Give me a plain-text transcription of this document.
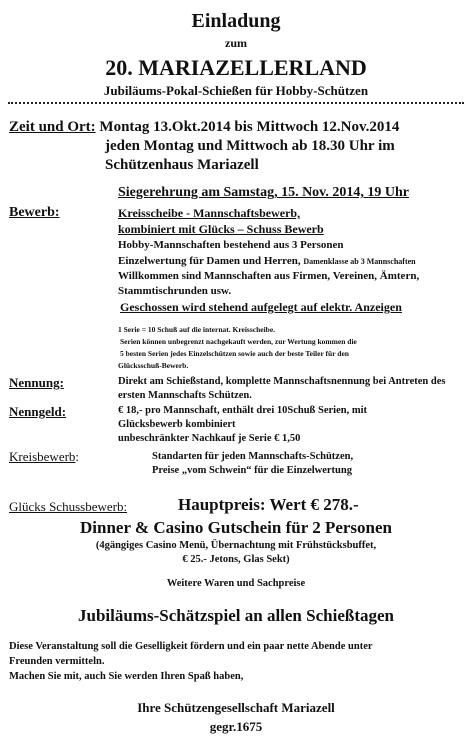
Einladung
zum
20. MARIAZELLERLAND
Jubiläums-Pokal-Schießen für Hobby-Schützen
Zeit und Ort: Montag 13.Okt.2014 bis Mittwoch 12.Nov.2014
jeden Montag und Mittwoch ab 18.30 Uhr im
Schützenhaus Mariazell
Siegerehrung am Samstag, 15. Nov. 2014, 19 Uhr
Bewerb:	Kreisscheibe - Mannschaftsbewerb,
kombiniert mit Glücks – Schuss Bewerb
Hobby-Mannschaften bestehend aus 3 Personen
Einzelwertung für Damen und Herren, Damenklasse ab 3 Mannschaften
Willkommen sind Mannschaften aus Firmen, Vereinen, Ämtern,
Stammtischrunden usw.
Geschossen wird stehend aufgelegt auf elektr. Anzeigen
1 Serie = 10 Schuß auf die internat. Kreisscheibe.
Serien können unbegrenzt nachgekauft werden, zur Wertung kommen die
5 besten Serien jedes Einzelschützen sowie auch der beste Teiler für den
Glücksschuß-Bewerb.
Nennung:	Direkt am Schießstand, komplette Mannschaftsnennung bei Antreten des
ersten Mannschafts Schützen.
Nenngeld:	€ 18,- pro Mannschaft, enthält drei 10Schuß Serien, mit
Glücksbewerb kombiniert
unbeschränkter Nachkauf je Serie € 1,50
Kreisbewerb:	Standarten für jeden Mannschafts-Schützen,
Preise „vom Schwein“ für die Einzelwertung
Glücks Schussbewerb:	Hauptpreis: Wert € 278.-
Dinner & Casino Gutschein für 2 Personen
(4gängiges Casino Menü, Übernachtung mit Frühstücksbuffet,
€ 25.- Jetons, Glas Sekt)
Weitere Waren und Sachpreise
Jubiläums-Schätzspiel an allen Schießtagen
Diese Veranstaltung soll die Geselligkeit fördern und ein paar nette Abende unter
Freunden vermitteln.
Machen Sie mit, auch Sie werden Ihren Spaß haben,
Ihre Schützengesellschaft Mariazell
gegr.1675
